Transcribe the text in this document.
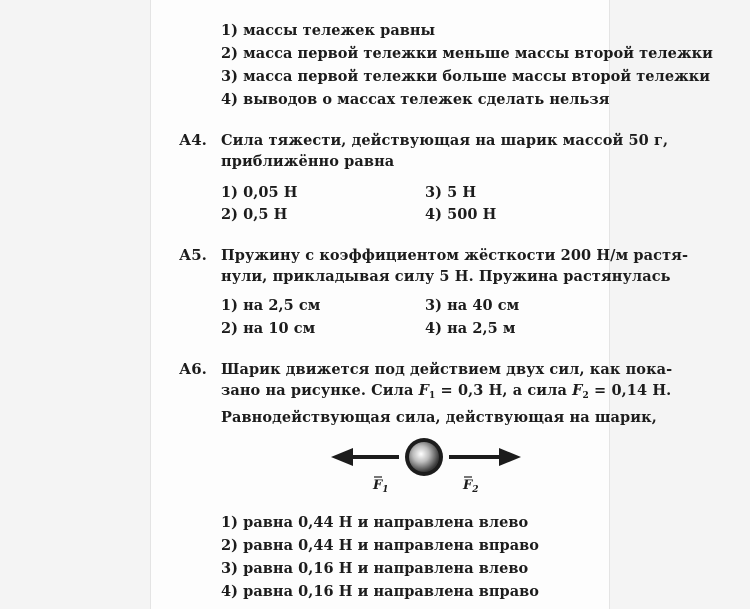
1) массы тележек равны
2) масса первой тележки меньше массы второй тележки
3) масса первой тележки больше массы второй тележки
4) выводов о массах тележек сделать нельзя
А4. Сила тяжести, действующая на шарик массой 50 г,
приближённо равна
1) 0,05 Н
2) 0,5 Н
3) 5 Н
4) 500 Н
А5. Пружину с коэффициентом жёсткости 200 Н/м растя-
нули, прикладывая силу 5 Н. Пружина растянулась
1) на 2,5 см
2) на 10 см
3) на 40 см
4) на 2,5 м
А6. Шарик движется под действием двух сил, как пока-
зано на рисунке. Сила $F_1 = 0,3$ Н, а сила $F_2 = 0,14$ Н.
Равнодействующая сила, действующая на шарик,
$F_1$	$F_2$
1) равна 0,44 Н и направлена влево
2) равна 0,44 Н и направлена вправо
3) равна 0,16 Н и направлена влево
4) равна 0,16 Н и направлена вправо
